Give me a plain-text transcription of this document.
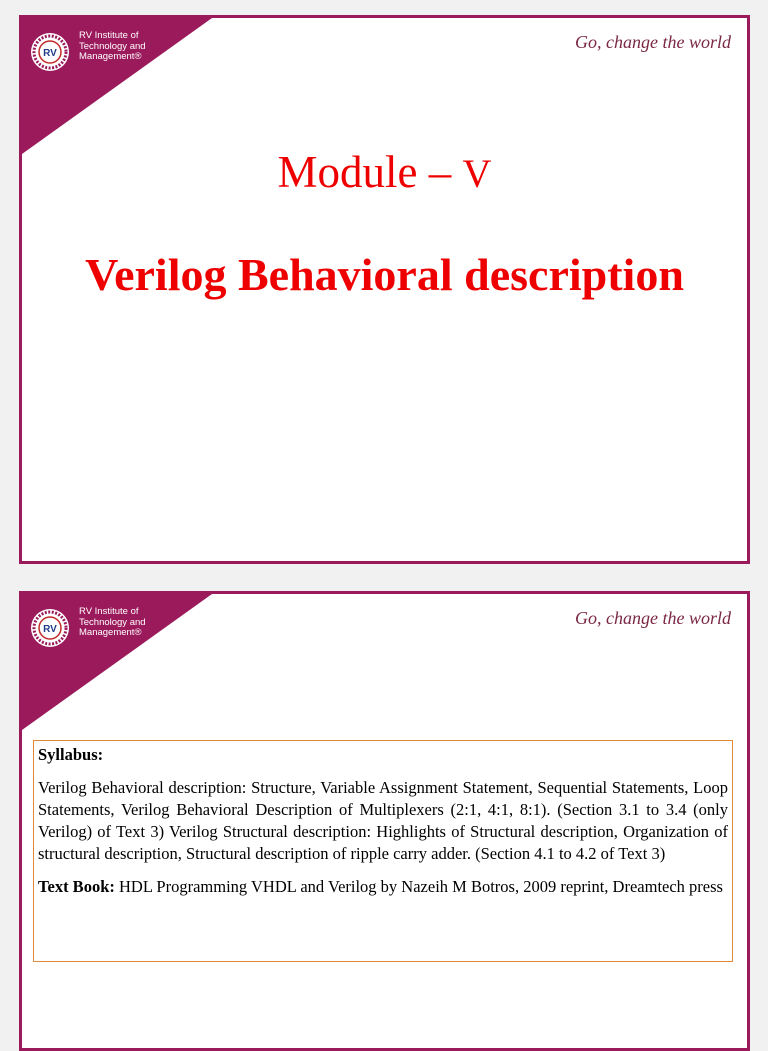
RV
RV Institute of
Technology and
Management®
Go, change the world
Module – V
Verilog Behavioral description
RV
RV Institute of
Technology and
Management®
Go, change the world
Syllabus:
Verilog Behavioral description: Structure, Variable Assignment Statement, Sequential Statements, Loop Statements, Verilog Behavioral Description of Multiplexers (2:1, 4:1, 8:1). (Section 3.1 to 3.4 (only Verilog) of Text 3) Verilog Structural description: Highlights of Structural description, Organization of structural description, Structural description of ripple carry adder. (Section 4.1 to 4.2 of Text 3)
Text Book: HDL Programming VHDL and Verilog by Nazeih M Botros, 2009 reprint, Dreamtech press
